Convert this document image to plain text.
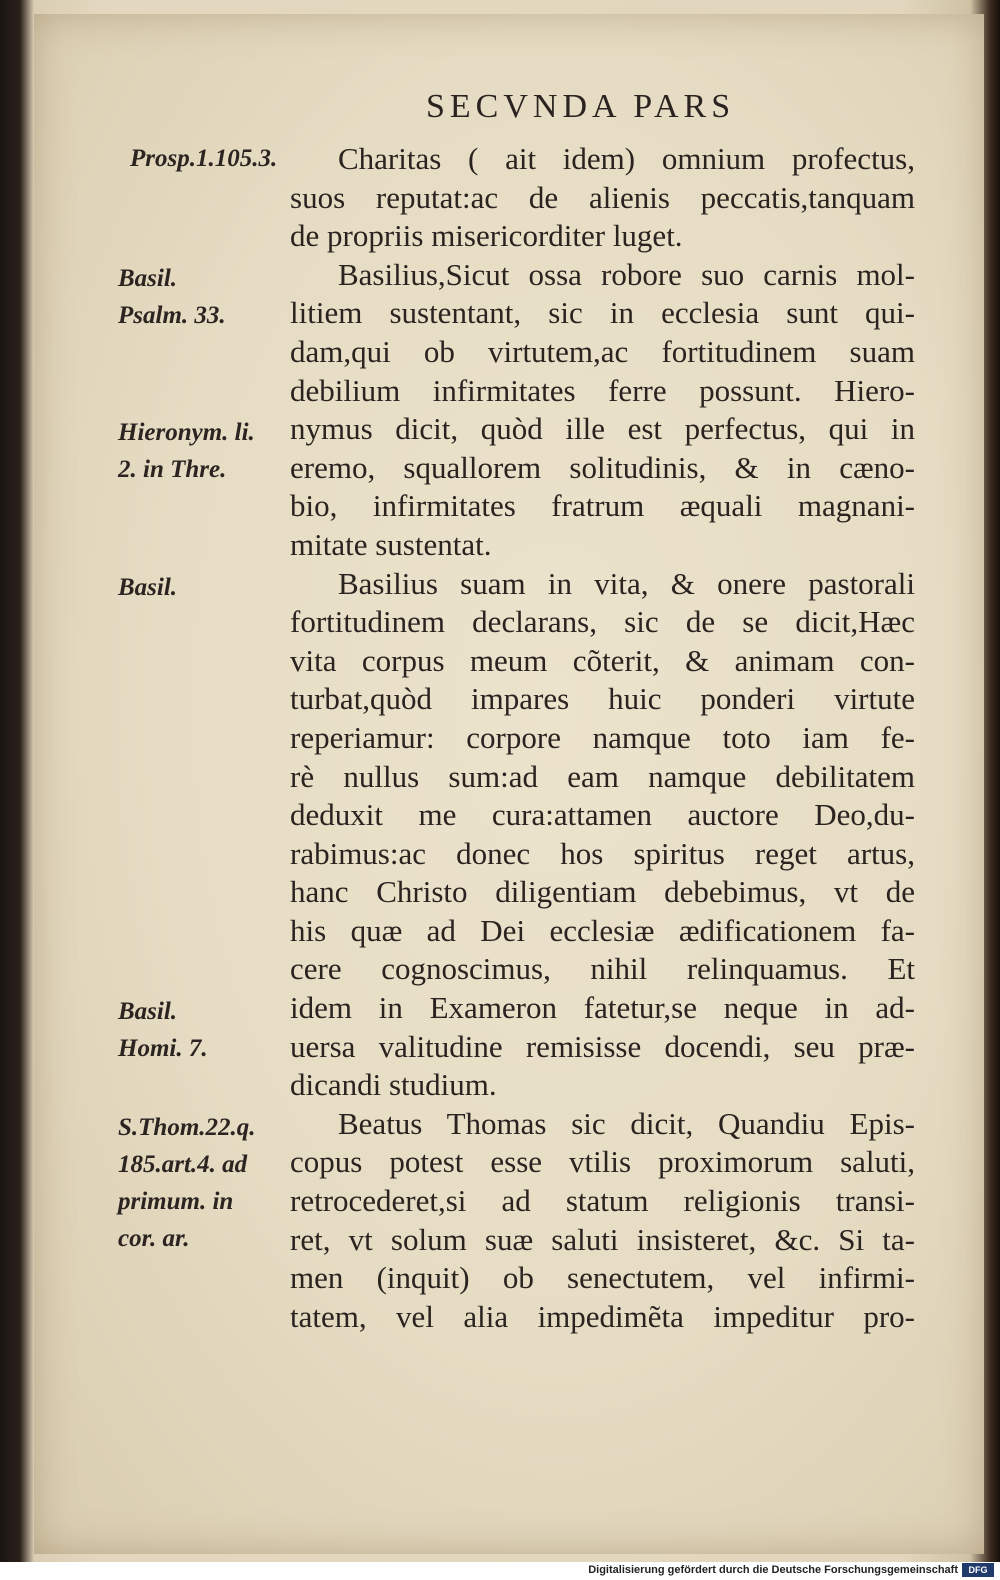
SECVNDA PARS
Prosp.1.105.3.
Basil.
Psalm. 33.
Hieronym. li.
2. in Thre.
Basil.
Basil.
Homi. 7.
S.Thom.22.q.
185.art.4. ad
primum. in
cor. ar.
Charitas ( ait idem) omnium profectus,
suos reputat:ac de alienis peccatis,tanquam
de propriis misericorditer luget.
Basilius,Sicut ossa robore suo carnis mol-
litiem sustentant, sic in ecclesia sunt qui-
dam,qui ob virtutem,ac fortitudinem suam
debilium infirmitates ferre possunt. Hiero-
nymus dicit, quòd ille est perfectus, qui in
eremo, squallorem solitudinis, & in cæno-
bio, infirmitates fratrum æquali magnani-
mitate sustentat.
Basilius suam in vita, & onere pastorali
fortitudinem declarans, sic de se dicit,Hæc
vita corpus meum cõterit, & animam con-
turbat,quòd impares huic ponderi virtute
reperiamur: corpore namque toto iam fe-
rè nullus sum:ad eam namque debilitatem
deduxit me cura:attamen auctore Deo,du-
rabimus:ac donec hos spiritus reget artus,
hanc Christo diligentiam debebimus, vt de
his quæ ad Dei ecclesiæ ædificationem fa-
cere cognoscimus, nihil relinquamus. Et
idem in Exameron fatetur,se neque in ad-
uersa valitudine remisisse docendi, seu præ-
dicandi studium.
Beatus Thomas sic dicit, Quandiu Epis-
copus potest esse vtilis proximorum saluti,
retrocederet,si ad statum religionis transi-
ret, vt solum suæ saluti insisteret, &c. Si ta-
men (inquit) ob senectutem, vel infirmi-
tatem, vel alia impedimẽta impeditur pro-
Digitalisierung gefördert durch die Deutsche Forschungsgemeinschaft	DFG
